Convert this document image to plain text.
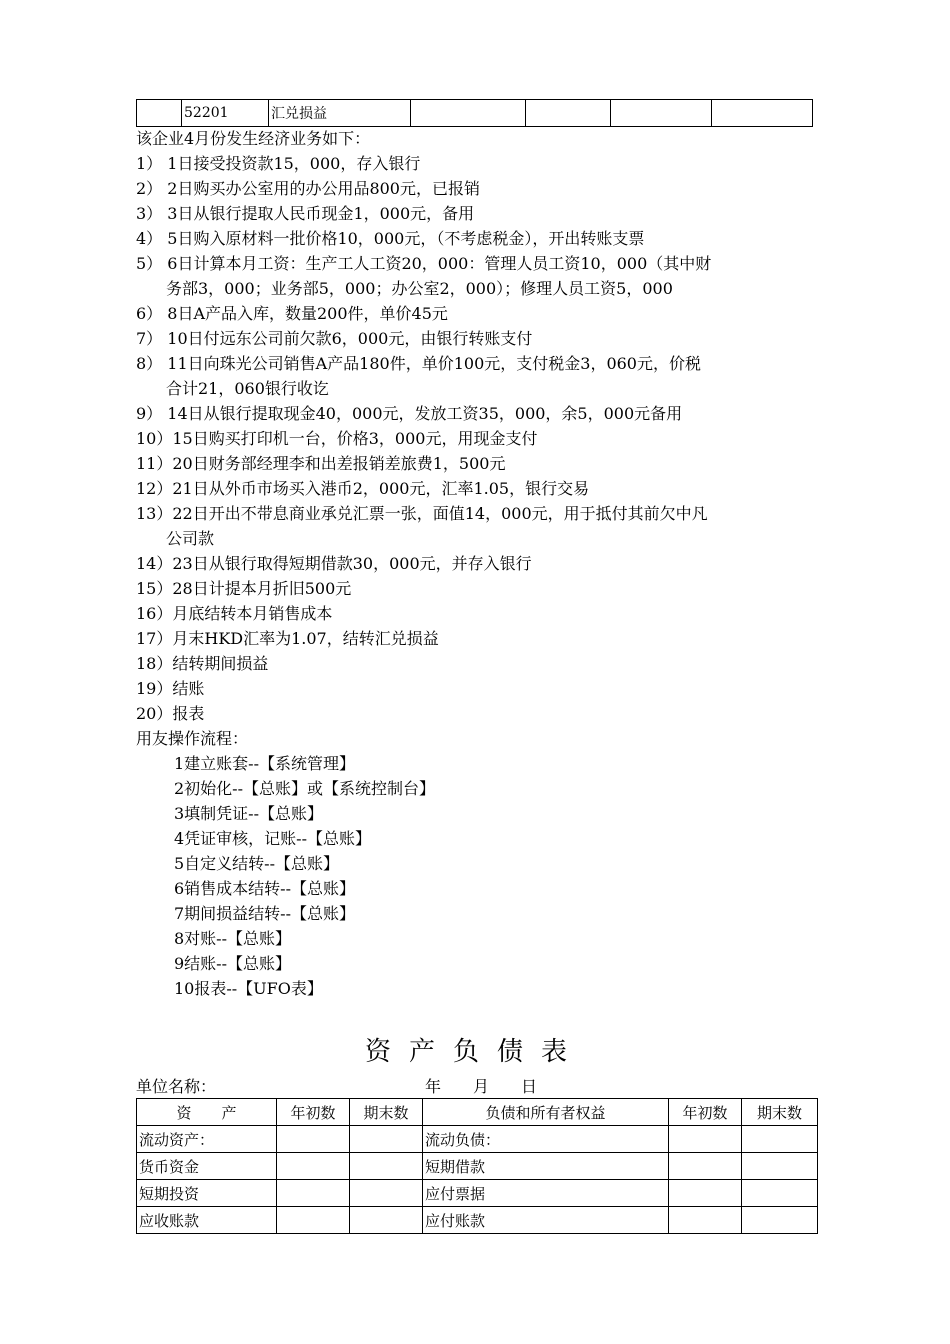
	52201	汇兑损益				
该企业4月份发生经济业务如下：
1） 1日接受投资款15，000，存入银行
2） 2日购买办公室用的办公用品800元，已报销
3） 3日从银行提取人民币现金1，000元，备用
4） 5日购入原材料一批价格10，000元，（不考虑税金），开出转账支票
5） 6日计算本月工资：生产工人工资20，000：管理人员工资10，000（其中财
务部3，000；业务部5，000；办公室2，000）；修理人员工资5，000
6） 8日A产品入库，数量200件，单价45元
7） 10日付远东公司前欠款6，000元，由银行转账支付
8） 11日向珠光公司销售A产品180件，单价100元，支付税金3，060元，价税
合计21，060银行收讫
9） 14日从银行提取现金40，000元，发放工资35，000，余5，000元备用
10）15日购买打印机一台，价格3，000元，用现金支付
11）20日财务部经理李和出差报销差旅费1，500元
12）21日从外币市场买入港币2，000元，汇率1.05，银行交易
13）22日开出不带息商业承兑汇票一张，面值14，000元，用于抵付其前欠中凡
公司款
14）23日从银行取得短期借款30，000元，并存入银行
15）28日计提本月折旧500元
16）月底结转本月销售成本
17）月末HKD汇率为1.07，结转汇兑损益
18）结转期间损益
19）结账
20）报表
用友操作流程：
1建立账套--【系统管理】
2初始化--【总账】或【系统控制台】
3填制凭证--【总账】
4凭证审核，记账--【总账】
5自定义结转--【总账】
6销售成本结转--【总账】
7期间损益结转--【总账】
8对账--【总账】
9结账--【总账】
10报表--【UFO表】
资产负债表
单位名称：	年 月 日
资　　产	年初数	期末数	负债和所有者权益	年初数	期末数
流动资产：			流动负债：		
货币资金			短期借款		
短期投资			应付票据		
应收账款			应付账款		
